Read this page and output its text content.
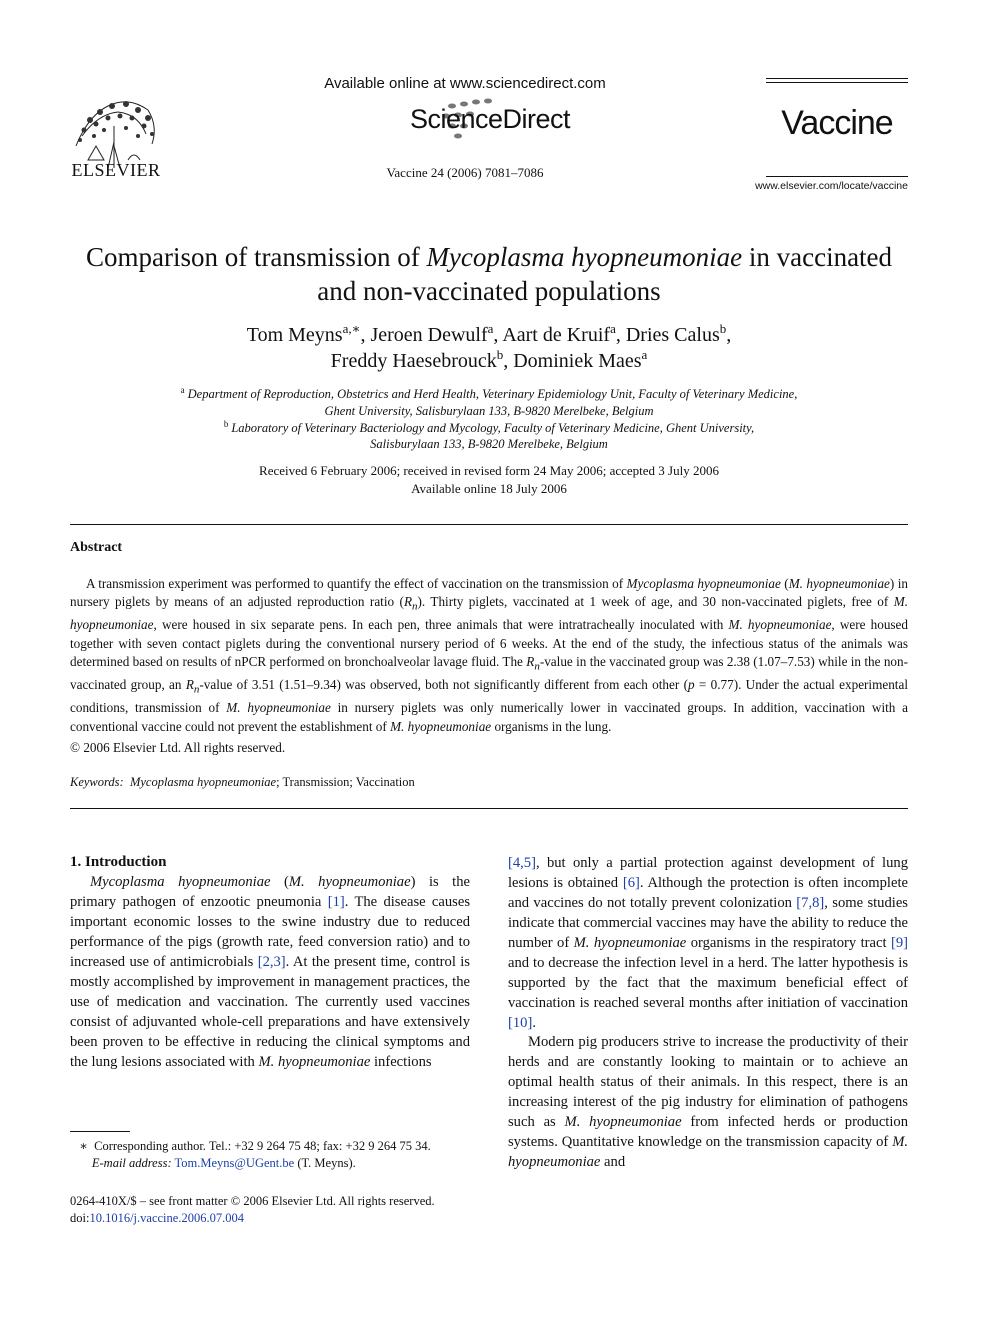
ELSEVIER
Available online at www.sciencedirect.com
ScienceDirect
Vaccine 24 (2006) 7081–7086
Vaccine
www.elsevier.com/locate/vaccine
Comparison of transmission of Mycoplasma hyopneumoniae in vaccinated and non-vaccinated populations
Tom Meyns$^{a,∗}$, Jeroen Dewulf$^a$, Aart de Kruif$^a$, Dries Calus$^b$,
Freddy Haesebrouck$^b$, Dominiek Maes$^a$
$^a$ Department of Reproduction, Obstetrics and Herd Health, Veterinary Epidemiology Unit, Faculty of Veterinary Medicine,
Ghent University, Salisburylaan 133, B-9820 Merelbeke, Belgium
$^b$ Laboratory of Veterinary Bacteriology and Mycology, Faculty of Veterinary Medicine, Ghent University,
Salisburylaan 133, B-9820 Merelbeke, Belgium
Received 6 February 2006; received in revised form 24 May 2006; accepted 3 July 2006
Available online 18 July 2006
Abstract
A transmission experiment was performed to quantify the effect of vaccination on the transmission of Mycoplasma hyopneumoniae (M. hyopneumoniae) in nursery piglets by means of an adjusted reproduction ratio $(R_n)$. Thirty piglets, vaccinated at 1 week of age, and 30 non-vaccinated piglets, free of M. hyopneumoniae, were housed in six separate pens. In each pen, three animals that were intratracheally inoculated with M. hyopneumoniae, were housed together with seven contact piglets during the conventional nursery period of 6 weeks. At the end of the study, the infectious status of the animals was determined based on results of nPCR performed on bronchoalveolar lavage fluid. The $R_n$-value in the vaccinated group was 2.38 (1.07–7.53) while in the non-vaccinated group, an $R_n$-value of 3.51 (1.51–9.34) was observed, both not significantly different from each other (p = 0.77). Under the actual experimental conditions, transmission of M. hyopneumoniae in nursery piglets was only numerically lower in vaccinated groups. In addition, vaccination with a conventional vaccine could not prevent the establishment of M. hyopneumoniae organisms in the lung.
© 2006 Elsevier Ltd. All rights reserved.
Keywords: Mycoplasma hyopneumoniae; Transmission; Vaccination
1. Introduction
Mycoplasma hyopneumoniae (M. hyopneumoniae) is the primary pathogen of enzootic pneumonia [1]. The disease causes important economic losses to the swine industry due to reduced performance of the pigs (growth rate, feed conversion ratio) and to increased use of antimicrobials [2,3]. At the present time, control is mostly accomplished by improvement in management practices, the use of medication and vaccination. The currently used vaccines consist of adjuvanted whole-cell preparations and have extensively been proven to be effective in reducing the clinical symptoms and the lung lesions associated with M. hyopneumoniae infections
[4,5], but only a partial protection against development of lung lesions is obtained [6]. Although the protection is often incomplete and vaccines do not totally prevent colonization [7,8], some studies indicate that commercial vaccines may have the ability to reduce the number of M. hyopneumoniae organisms in the respiratory tract [9] and to decrease the infection level in a herd. The latter hypothesis is supported by the fact that the maximum beneficial effect of vaccination is reached several months after initiation of vaccination [10].
Modern pig producers strive to increase the productivity of their herds and are constantly looking to maintain or to achieve an optimal health status of their animals. In this respect, there is an increasing interest of the pig industry for elimination of pathogens such as M. hyopneumoniae from infected herds or production systems. Quantitative knowledge on the transmission capacity of M. hyopneumoniae and
∗  Corresponding author. Tel.: +32 9 264 75 48; fax: +32 9 264 75 34.
E-mail address: Tom.Meyns@UGent.be (T. Meyns).
0264-410X/$ – see front matter © 2006 Elsevier Ltd. All rights reserved.
doi:10.1016/j.vaccine.2006.07.004
